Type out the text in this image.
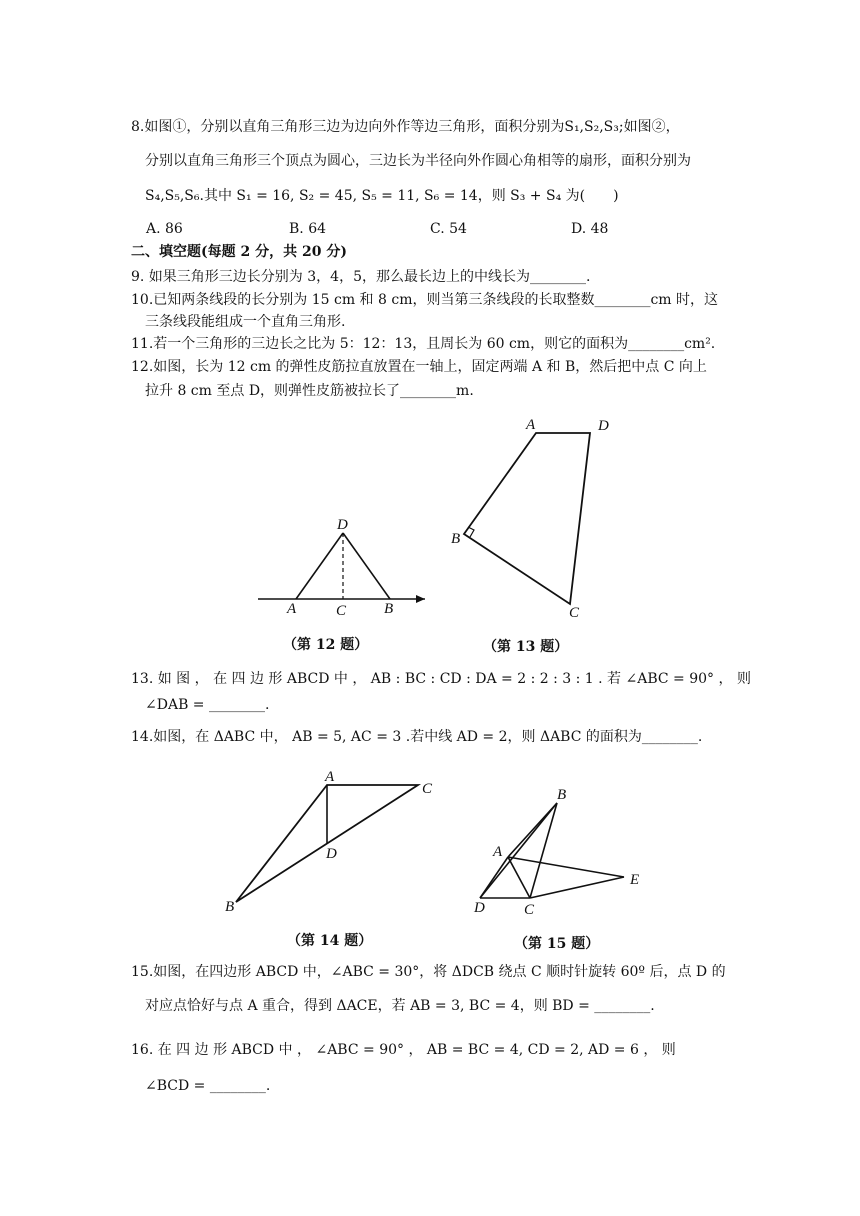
8.如图①，分别以直角三角形三边为边向外作等边三角形，面积分别为S₁,S₂,S₃;如图②，
分别以直角三角形三个顶点为圆心，三边长为半径向外作圆心角相等的扇形，面积分别为
S₄,S₅,S₆.其中 S₁ = 16, S₂ = 45, S₅ = 11, S₆ = 14，则 S₃ + S₄ 为(　　)
A. 86	B. 64	C. 54	D. 48
二、填空题(每题 2 分，共 20 分)
9. 如果三角形三边长分别为 3，4，5，那么最长边上的中线长为________.
10.已知两条线段的长分别为 15 cm 和 8 cm，则当第三条线段的长取整数________cm 时，这
三条线段能组成一个直角三角形.
11.若一个三角形的三边长之比为 5：12：13，且周长为 60 cm，则它的面积为________cm².
12.如图，长为 12 cm 的弹性皮筋拉直放置在一轴上，固定两端 A 和 B，然后把中点 C 向上
拉升 8 cm 至点 D，则弹性皮筋被拉长了________m.
D
A	C	B
（第 12 题）
A	D
B
C
（第 13 题）
13. 如 图 ， 在 四 边 形 ABCD 中 ， AB : BC : CD : DA = 2 : 2 : 3 : 1 . 若 ∠ABC = 90° ， 则
∠DAB = ________.
14.如图，在 ΔABC 中， AB = 5, AC = 3 .若中线 AD = 2，则 ΔABC 的面积为________.
A
C
D
B
（第 14 题）
B
A
E
D	C
（第 15 题）
15.如图，在四边形 ABCD 中，∠ABC = 30°，将 ΔDCB 绕点 C 顺时针旋转 60º 后，点 D 的
对应点恰好与点 A 重合，得到 ΔACE，若 AB = 3, BC = 4，则 BD = ________.
16. 在 四 边 形 ABCD 中 ， ∠ABC = 90° ， AB = BC = 4, CD = 2, AD = 6 ， 则
∠BCD = ________.
